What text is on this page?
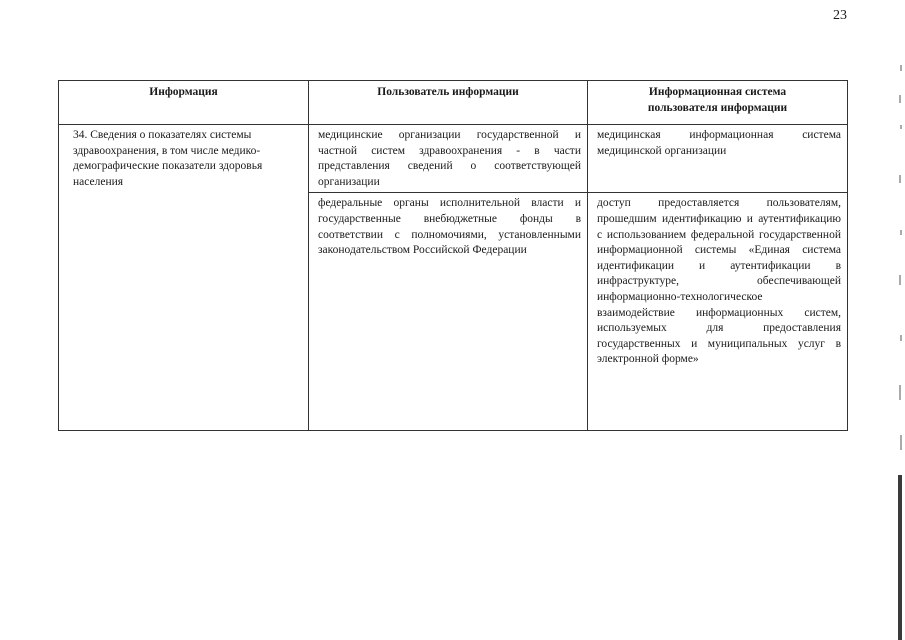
23
Информация	Пользователь информации	Информационная система пользователя информации

34. Сведения о показателях системы здравоохранения, в том числе медико-демографические показатели здоровья населения	медицинские организации государственной и частной систем здравоохранения - в части представления сведений о соответствующей организации	медицинская информационная система медицинской организации

	федеральные органы исполнительной власти и государственные внебюджетные фонды в соответствии с полномочиями, установленными законодательством Российской Федерации	доступ предоставляется пользователям, прошедшим идентификацию и аутентификацию с использованием федеральной государственной информационной системы «Единая система идентификации и аутентификации в инфраструктуре, обеспечивающей информационно-технологическое взаимодействие информационных систем, используемых для предоставления государственных и муниципальных услуг в электронной форме»
